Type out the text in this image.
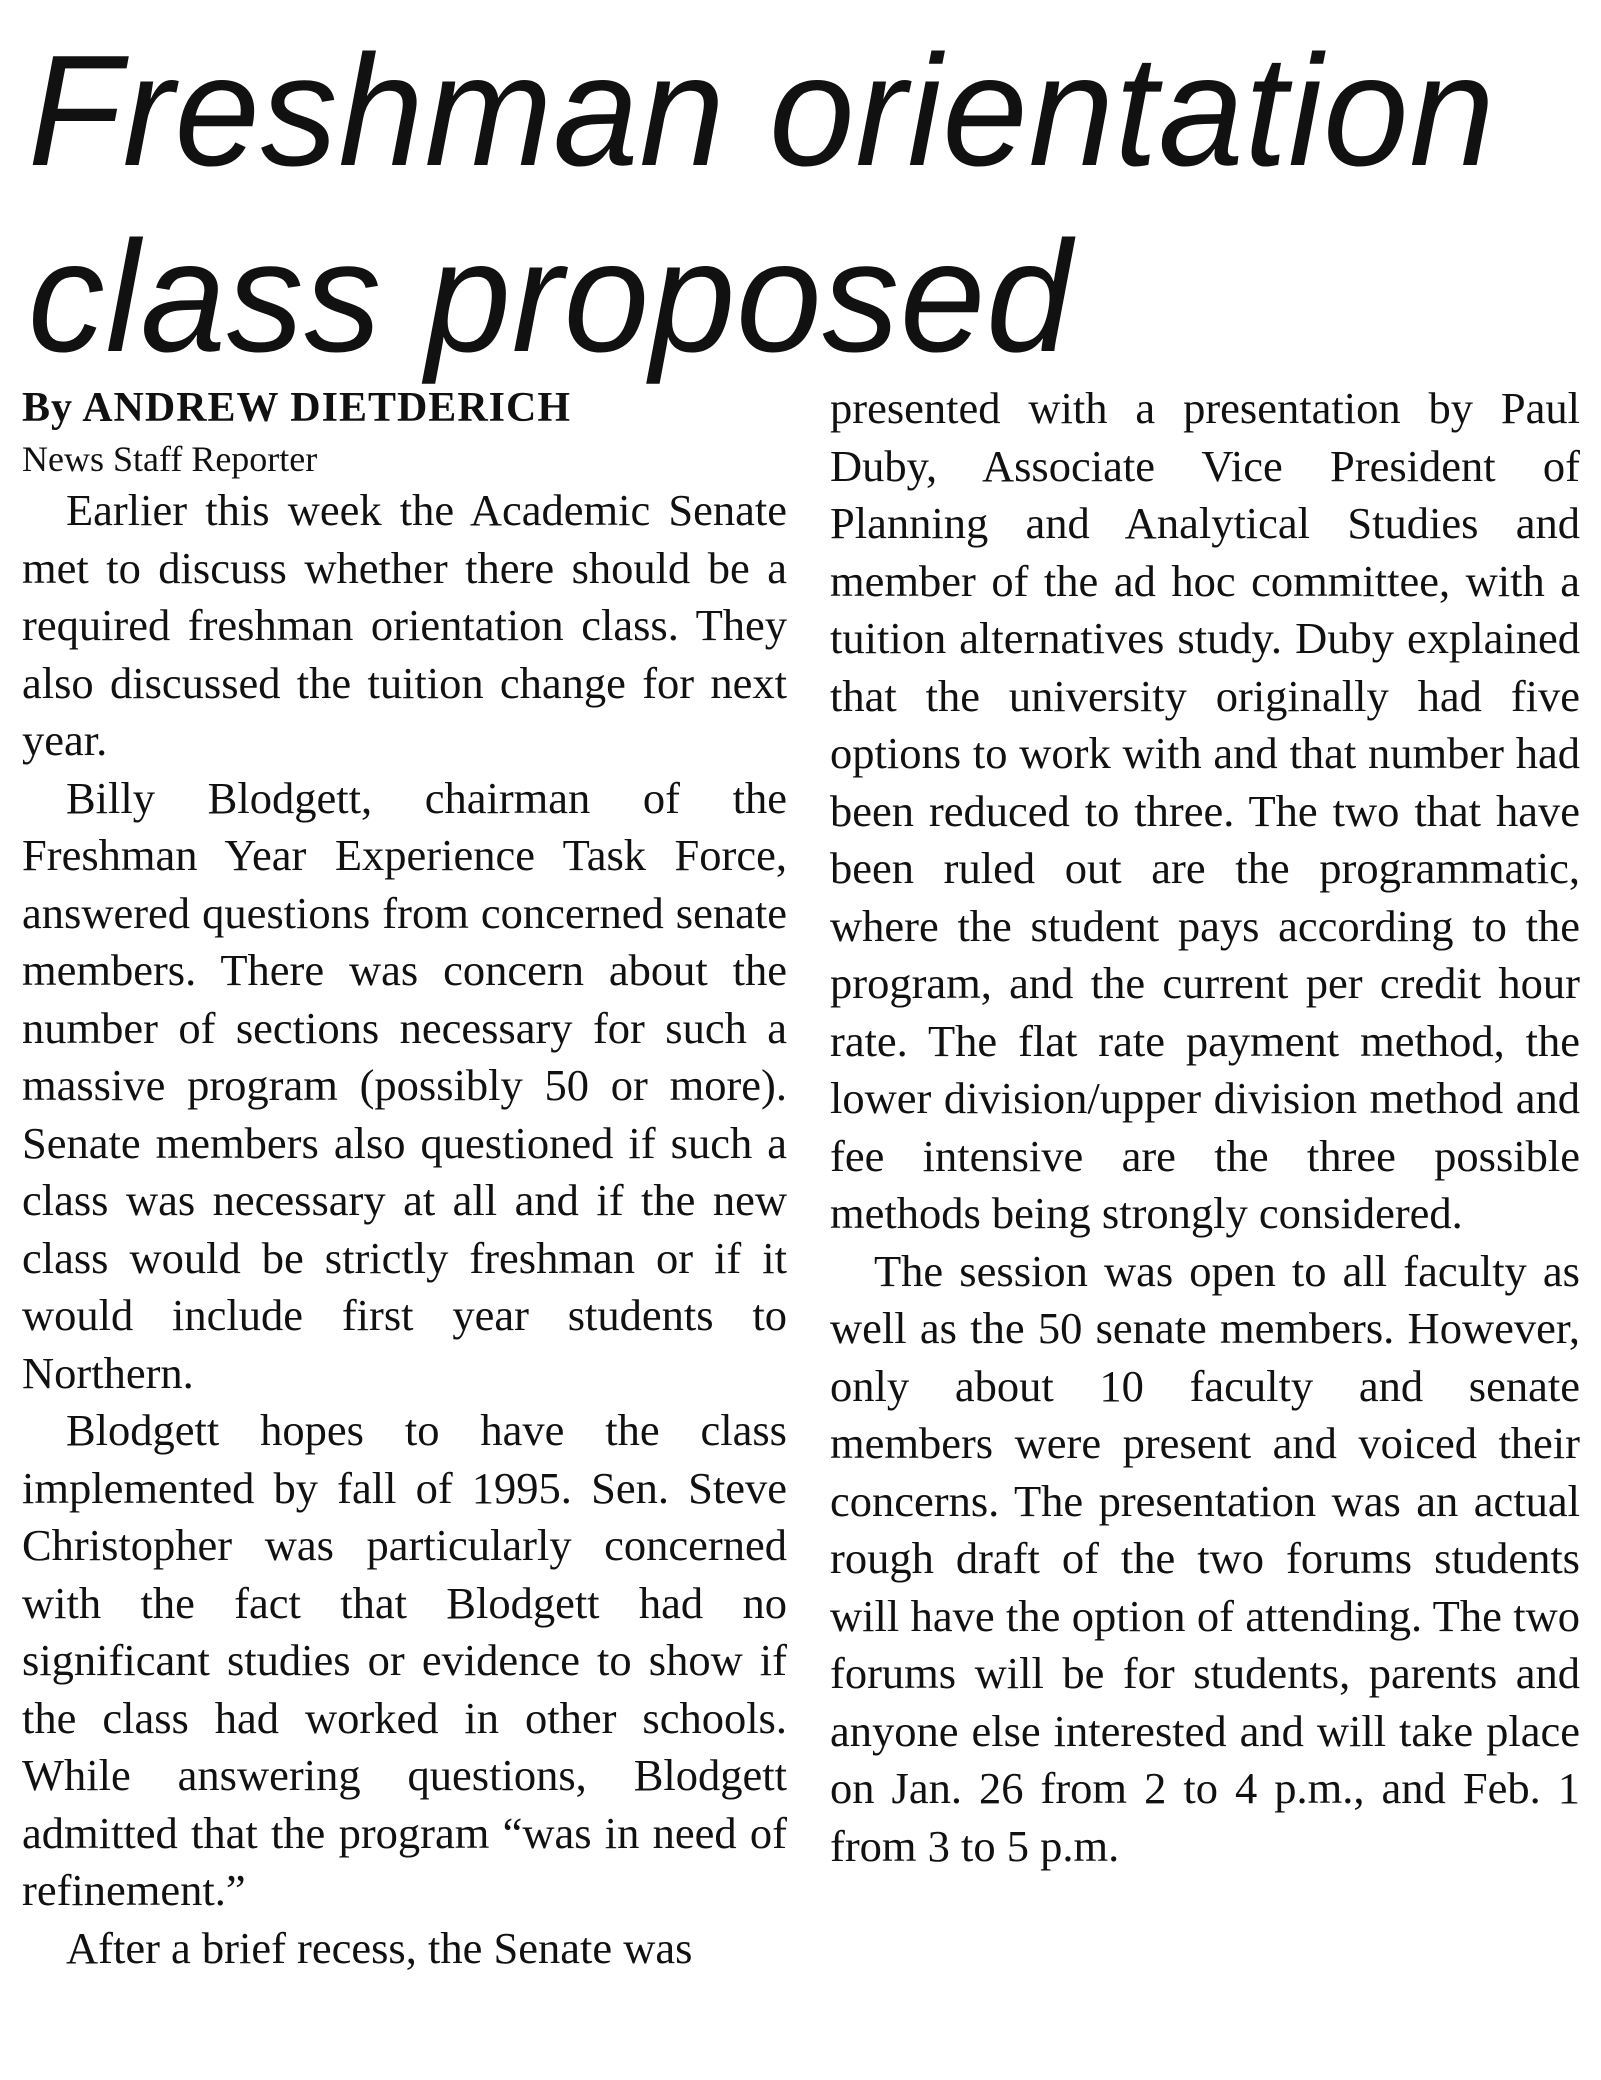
Freshman orientation
class proposed

By ANDREW DIETDERICH

News Staff Reporter

Earlier this week the Academic Senate met to discuss whether there should be a required freshman orientation class. They also discussed the tuition change for next year.

Billy Blodgett, chairman of the Freshman Year Experience Task Force, answered questions from concerned senate members. There was concern about the number of sections necessary for such a massive program (possibly 50 or more). Senate members also questioned if such a class was necessary at all and if the new class would be strictly freshman or if it would include first year students to Northern.

Blodgett hopes to have the class implemented by fall of 1995. Sen. Steve Christopher was particularly concerned with the fact that Blodgett had no significant studies or evidence to show if the class had worked in other schools. While answering questions, Blodgett admitted that the program “was in need of refinement.”

After a brief recess, the Senate was

presented with a presentation by Paul Duby, Associate Vice President of Planning and Analytical Studies and member of the ad hoc committee, with a tuition alternatives study. Duby explained that the university originally had five options to work with and that number had been reduced to three. The two that have been ruled out are the programmatic, where the student pays according to the program, and the current per credit hour rate. The flat rate payment method, the lower division/upper division method and fee intensive are the three possible methods being strongly considered.

The session was open to all faculty as well as the 50 senate members. However, only about 10 faculty and senate members were present and voiced their concerns. The presentation was an actual rough draft of the two forums students will have the option of attending. The two forums will be for students, parents and anyone else interested and will take place on Jan. 26 from 2 to 4 p.m., and Feb. 1 from 3 to 5 p.m.
